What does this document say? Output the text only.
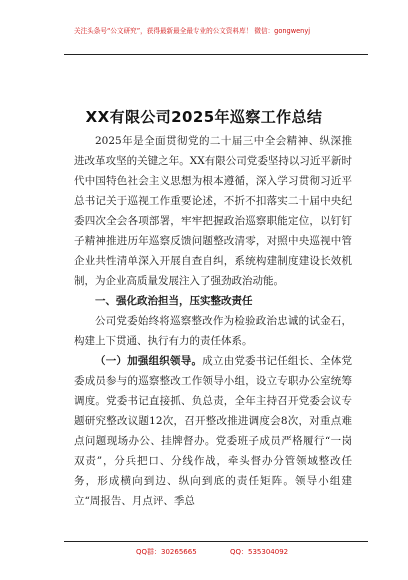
关注头条号“公文研究”，获得最新最全最专业的公文资料库！ 微信：gongwenyj
XX有限公司2025年巡察工作总结

2025年是全面贯彻党的二十届三中全会精神、纵深推进改革攻坚的关键之年。XX有限公司党委坚持以习近平新时代中国特色社会主义思想为根本遵循，深入学习贯彻习近平总书记关于巡视工作重要论述，不折不扣落实二十届中央纪委四次全会各项部署，牢牢把握政治巡察职能定位，以钉钉子精神推进历年巡察反馈问题整改清零，对照中央巡视中管企业共性清单深入开展自查自纠，系统构建制度建设长效机制，为企业高质量发展注入了强劲政治动能。

一、强化政治担当，压实整改责任

公司党委始终将巡察整改作为检验政治忠诚的试金石，构建上下贯通、执行有力的责任体系。

（一）加强组织领导。成立由党委书记任组长、全体党委成员参与的巡察整改工作领导小组，设立专职办公室统筹调度。党委书记直接抓、负总责，全年主持召开党委会议专题研究整改议题12次，召开整改推进调度会8次，对重点难点问题现场办公、挂牌督办。党委班子成员严格履行“一岗双责”，分兵把口、分线作战，牵头督办分管领域整改任务，形成横向到边、纵向到底的责任矩阵。领导小组建立“周报告、月点评、季总

QQ群：30265665	QQ：535304092
